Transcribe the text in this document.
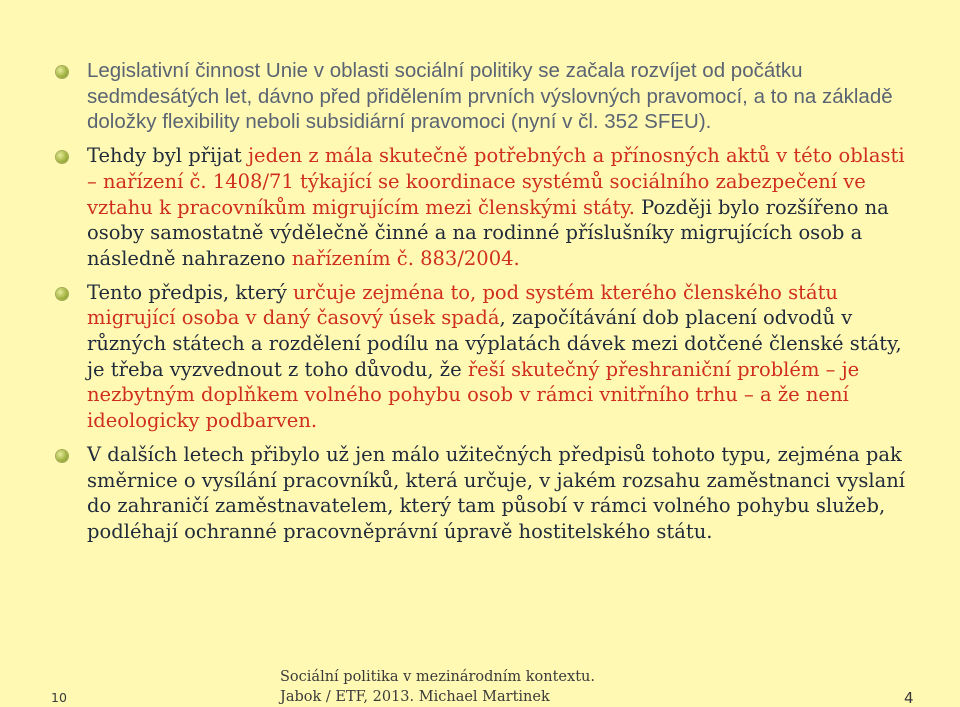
Legislativní činnost Unie v oblasti sociální politiky se začala rozvíjet od počátku sedmdesátých let, dávno před přidělením prvních výslovných pravomocí, a to na základě doložky flexibility neboli subsidiární pravomoci (nyní v čl. 352 SFEU).
Tehdy byl přijat jeden z mála skutečně potřebných a přínosných aktů v této oblasti – nařízení č. 1408/71 týkající se koordinace systémů sociálního zabezpečení ve vztahu k pracovníkům migrujícím mezi členskými státy. Později bylo rozšířeno na osoby samostatně výdělečně činné a na rodinné příslušníky migrujících osob a následně nahrazeno nařízením č. 883/2004.
Tento předpis, který určuje zejména to, pod systém kterého členského státu migrující osoba v daný časový úsek spadá, započítávání dob placení odvodů v různých státech a rozdělení podílu na výplatách dávek mezi dotčené členské státy, je třeba vyzvednout z toho důvodu, že řeší skutečný přeshraniční problém – je nezbytným doplňkem volného pohybu osob v rámci vnitřního trhu – a že není ideologicky podbarven.
V dalších letech přibylo už jen málo užitečných předpisů tohoto typu, zejména pak směrnice o vysílání pracovníků, která určuje, v jakém rozsahu zaměstnanci vyslaní do zahraničí zaměstnavatelem, který tam působí v rámci volného pohybu služeb, podléhají ochranné pracovněprávní úpravě hostitelského státu.
10
Sociální politika v mezinárodním kontextu.
Jabok / ETF, 2013. Michael Martinek	4
